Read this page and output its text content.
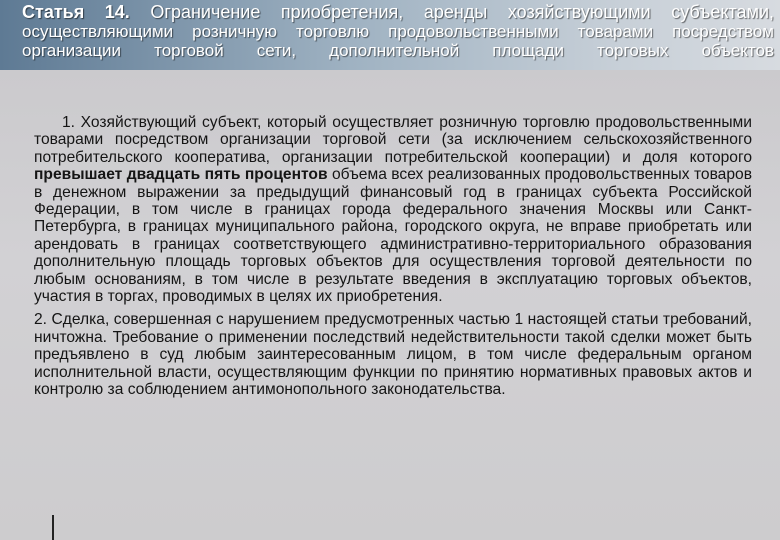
Статья 14. Ограничение приобретения, аренды хозяйствующими субъектами,
осуществляющими розничную торговлю продовольственными товарами посредством
организации торговой сети, дополнительной площади торговых объектов

1. Хозяйствующий субъект, который осуществляет розничную торговлю продовольственными товарами посредством организации торговой сети (за исключением сельскохозяйственного потребительского кооператива, организации потребительской кооперации) и доля которого превышает двадцать пять процентов объема всех реализованных продовольственных товаров в денежном выражении за предыдущий финансовый год в границах субъекта Российской Федерации, в том числе в границах города федерального значения Москвы или Санкт-Петербурга, в границах муниципального района, городского округа, не вправе приобретать или арендовать в границах соответствующего административно-территориального образования дополнительную площадь торговых объектов для осуществления торговой деятельности по любым основаниям, в том числе в результате введения в эксплуатацию торговых объектов, участия в торгах, проводимых в целях их приобретения.

2. Сделка, совершенная с нарушением предусмотренных частью 1 настоящей статьи требований, ничтожна. Требование о применении последствий недействительности такой сделки может быть предъявлено в суд любым заинтересованным лицом, в том числе федеральным органом исполнительной власти, осуществляющим функции по принятию нормативных правовых актов и контролю за соблюдением антимонопольного законодательства.
